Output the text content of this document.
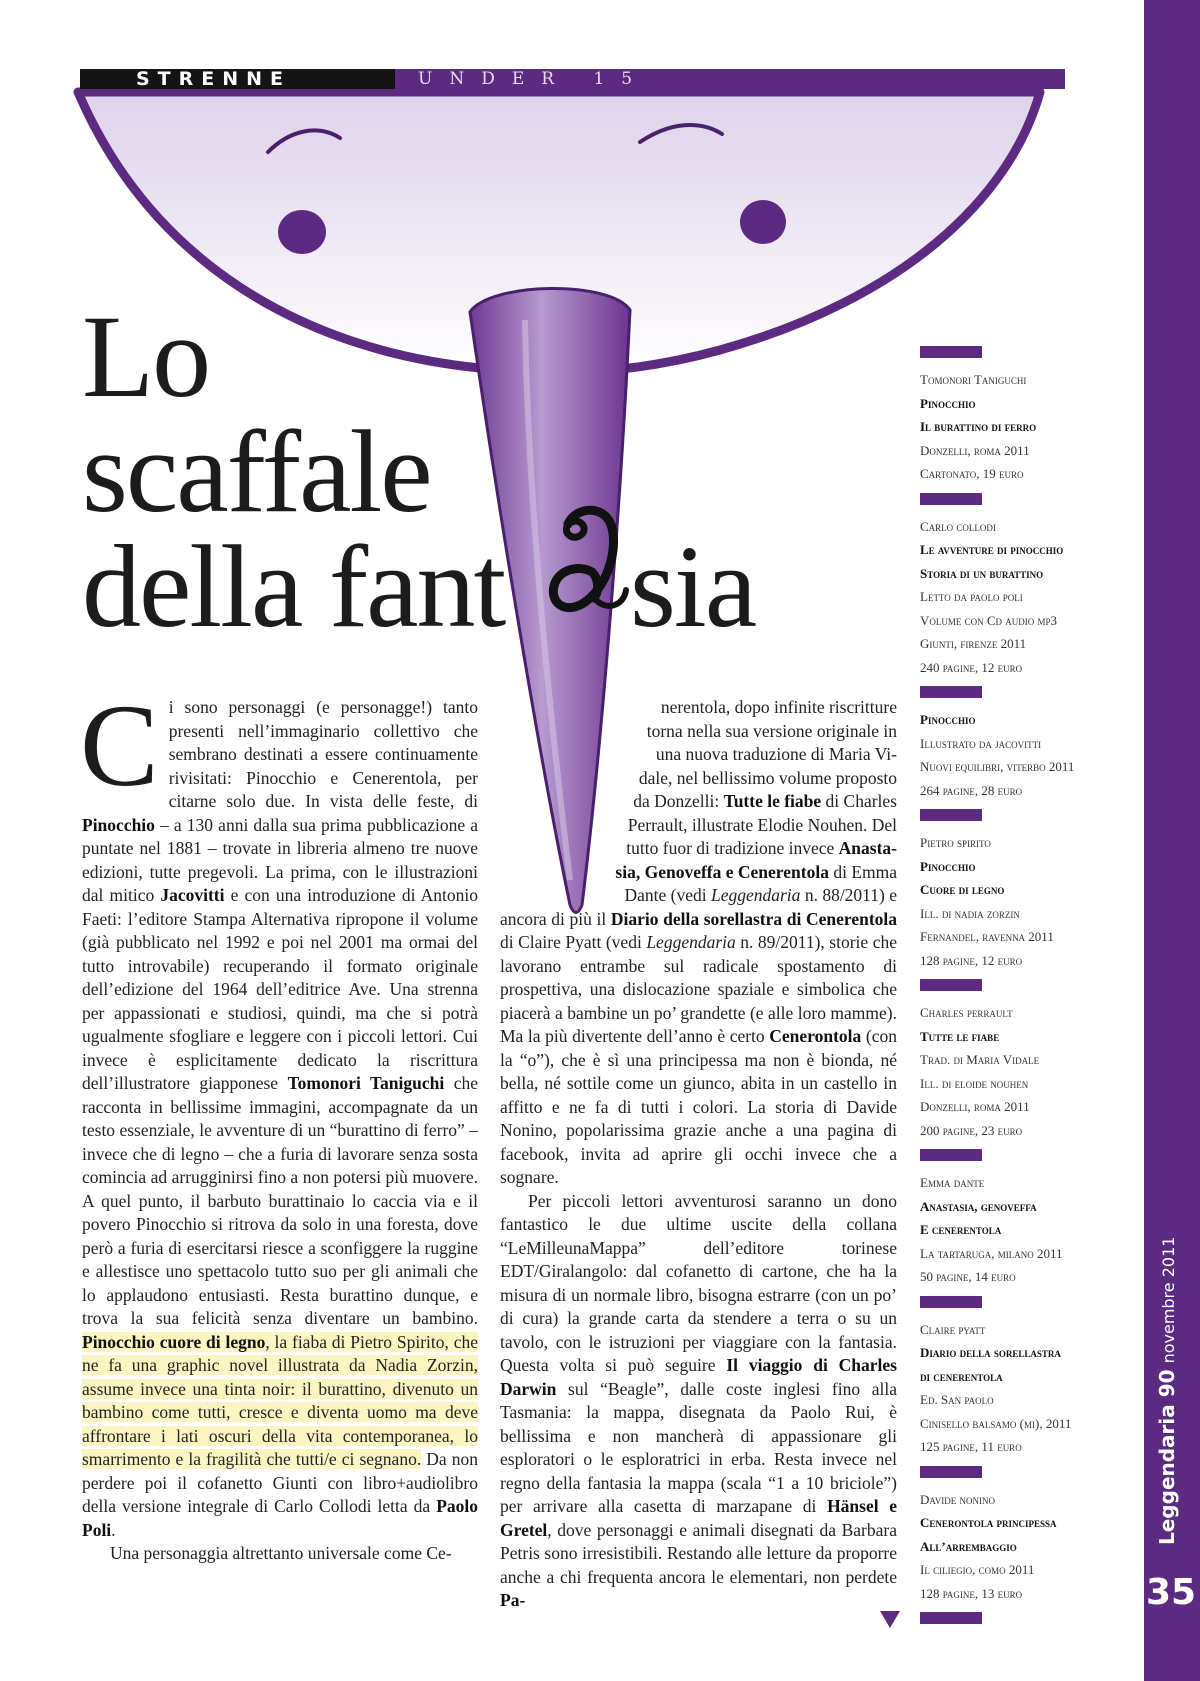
STRENNE	UNDER 15
Lo
scaffale
della fant sia

C i sono personaggi (e personagge!) tanto presenti nell’immaginario collettivo che sembrano destinati a essere continuamente rivisitati: Pinocchio e Cenerentola, per citarne solo due. In vista delle feste, di Pinocchio – a 130 anni dalla sua prima pubblicazione a puntate nel 1881 – trovate in libreria almeno tre nuove edizioni, tutte pregevoli. La prima, con le illustrazioni dal mitico Jacovitti e con una introduzione di Antonio Faeti: l’editore Stampa Alternativa ripropone il volume (già pubblicato nel 1992 e poi nel 2001 ma ormai del tutto introvabile) recuperando il formato originale dell’edizione del 1964 dell’editrice Ave. Una strenna per appassionati e studiosi, quindi, ma che si potrà ugualmente sfogliare e leggere con i piccoli lettori. Cui invece è esplicitamente dedicato la riscrittura dell’illustratore giapponese Tomonori Taniguchi che racconta in bellissime immagini, accompagnate da un testo essenziale, le avventure di un “burattino di ferro” – invece che di legno – che a furia di lavorare senza sosta comincia ad arrugginirsi fino a non potersi più muovere. A quel punto, il barbuto burattinaio lo caccia via e il povero Pinocchio si ritrova da solo in una foresta, dove però a furia di esercitarsi riesce a sconfiggere la ruggine e allestisce uno spettacolo tutto suo per gli animali che lo applaudono entusiasti. Resta burattino dunque, e trova la sua felicità senza diventare un bambino. Pinocchio cuore di legno, la fiaba di Pietro Spirito, che ne fa una graphic novel illustrata da Nadia Zorzin, assume invece una tinta noir: il burattino, divenuto un bambino come tutti, cresce e diventa uomo ma deve affrontare i lati oscuri della vita contemporanea, lo smarrimento e la fragilità che tutti/e ci segnano. Da non perdere poi il cofanetto Giunti con libro+audiolibro della versione integrale di Carlo Collodi letta da Paolo Poli.

Una personaggia altrettanto universale come Ce-

nerentola, dopo infinite riscritture
torna nella sua versione originale in
una nuova traduzione di Maria Vi-
dale, nel bellissimo volume proposto
da Donzelli: Tutte le fiabe di Charles
Perrault, illustrate Elodie Nouhen. Del
tutto fuor di tradizione invece Anasta-
sia, Genoveffa e Cenerentola di Emma
Dante (vedi Leggendaria n. 88/2011) e

ancora di più il Diario della sorellastra di Cenerentola di Claire Pyatt (vedi Leggendaria n. 89/2011), storie che lavorano entrambe sul radicale spostamento di prospettiva, una dislocazione spaziale e simbolica che piacerà a bambine un po’ grandette (e alle loro mamme). Ma la più divertente dell’anno è certo Cenerontola (con la “o”), che è sì una principessa ma non è bionda, né bella, né sottile come un giunco, abita in un castello in affitto e ne fa di tutti i colori. La storia di Davide Nonino, popolarissima grazie anche a una pagina di facebook, invita ad aprire gli occhi invece che a sognare.

Per piccoli lettori avventurosi saranno un dono fantastico le due ultime uscite della collana “LeMilleunaMappa” dell’editore torinese EDT/Giralangolo: dal cofanetto di cartone, che ha la misura di un normale libro, bisogna estrarre (con un po’ di cura) la grande carta da stendere a terra o su un tavolo, con le istruzioni per viaggiare con la fantasia. Questa volta si può seguire Il viaggio di Charles Darwin sul “Beagle”, dalle coste inglesi fino alla Tasmania: la mappa, disegnata da Paolo Rui, è bellissima e non mancherà di appassionare gli esploratori o le esploratrici in erba. Resta invece nel regno della fantasia la mappa (scala “1 a 10 briciole”) per arrivare alla casetta di marzapane di Hänsel e Gretel, dove personaggi e animali disegnati da Barbara Petris sono irresistibili. Restando alle letture da proporre anche a chi frequenta ancora le elementari, non perdete Pa-

Tomonori Taniguchi
Pinocchio
Il burattino di ferro
Donzelli, roma 2011
Cartonato, 19 euro
Carlo collodi
Le avventure di pinocchio
Storia di un burattino
Letto da paolo poli
Volume con Cd audio mp3
Giunti, firenze 2011
240 pagine, 12 euro
Pinocchio
Illustrato da jacovitti
Nuovi equilibri, viterbo 2011
264 pagine, 28 euro
Pietro spirito
Pinocchio
Cuore di legno
Ill. di nadia zorzin
Fernandel, ravenna 2011
128 pagine, 12 euro
Charles perrault
Tutte le fiabe
Trad. di Maria Vidale
Ill. di eloide nouhen
Donzelli, roma 2011
200 pagine, 23 euro
Emma dante
Anastasia, genoveffa
E cenerentola
La tartaruga, milano 2011
50 pagine, 14 euro
Claire pyatt
Diario della sorellastra
di cenerentola
Ed. San paolo
Cinisello balsamo (mi), 2011
125 pagine, 11 euro
Davide nonino
Cenerontola principessa
All’arrembaggio
Il ciliegio, como 2011
128 pagine, 13 euro
Leggendaria 90novembre 2011
35
